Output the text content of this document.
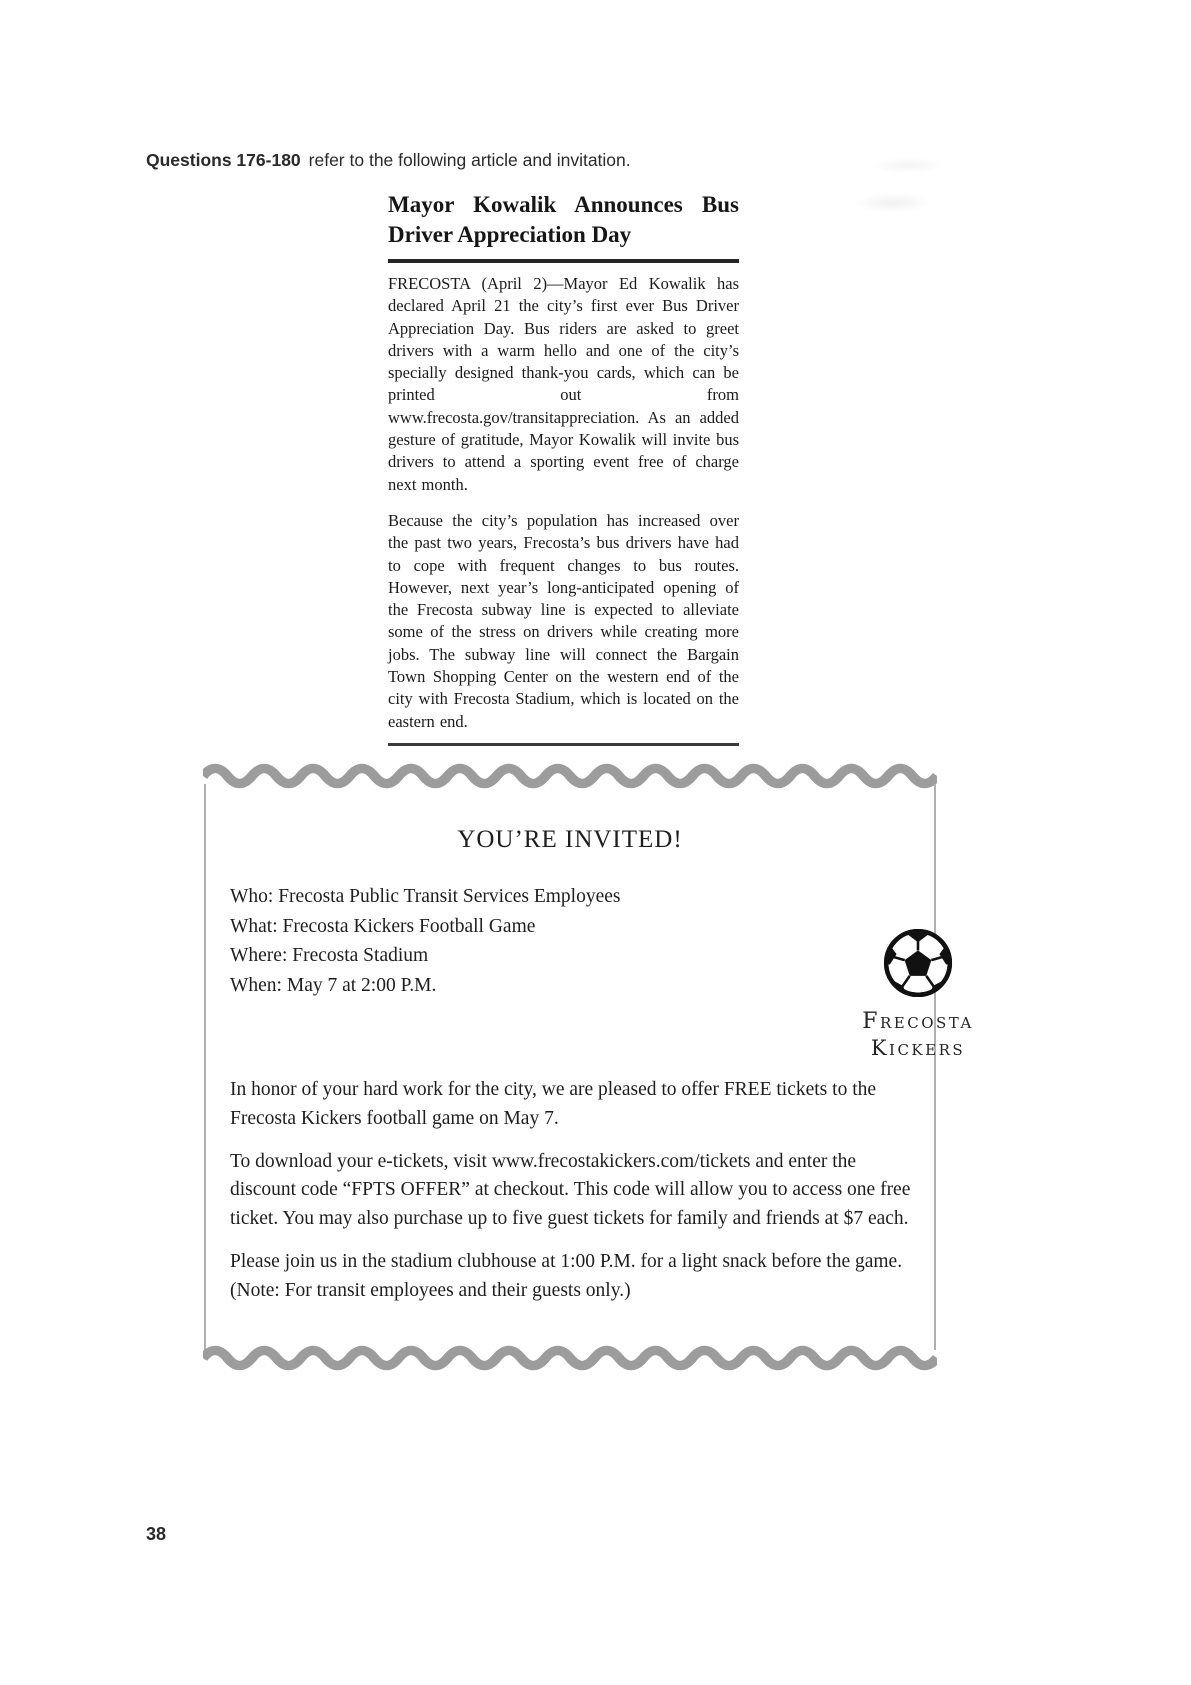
Questions 176-180 refer to the following article and invitation.
Mayor Kowalik Announces Bus Driver Appreciation Day

FRECOSTA (April 2)—Mayor Ed Kowalik has declared April 21 the city’s first ever Bus Driver Appreciation Day. Bus riders are asked to greet drivers with a warm hello and one of the city’s specially designed thank-you cards, which can be printed out from www.frecosta.gov/transitappreciation. As an added gesture of gratitude, Mayor Kowalik will invite bus drivers to attend a sporting event free of charge next month.

Because the city’s population has increased over the past two years, Frecosta’s bus drivers have had to cope with frequent changes to bus routes. However, next year’s long-anticipated opening of the Frecosta subway line is expected to alleviate some of the stress on drivers while creating more jobs. The subway line will connect the Bargain Town Shopping Center on the western end of the city with Frecosta Stadium, which is located on the eastern end.

YOU’RE INVITED!
Who: Frecosta Public Transit Services Employees
What: Frecosta Kickers Football Game
Where: Frecosta Stadium
When: May 7 at 2:00 P.M.
Frecosta
Kickers

In honor of your hard work for the city, we are pleased to offer FREE tickets to the Frecosta Kickers football game on May 7.

To download your e-tickets, visit www.frecostakickers.com/tickets and enter the discount code “FPTS OFFER” at checkout. This code will allow you to access one free ticket. You may also purchase up to five guest tickets for family and friends at $7 each.

Please join us in the stadium clubhouse at 1:00 P.M. for a light snack before the game. (Note: For transit employees and their guests only.)

38
